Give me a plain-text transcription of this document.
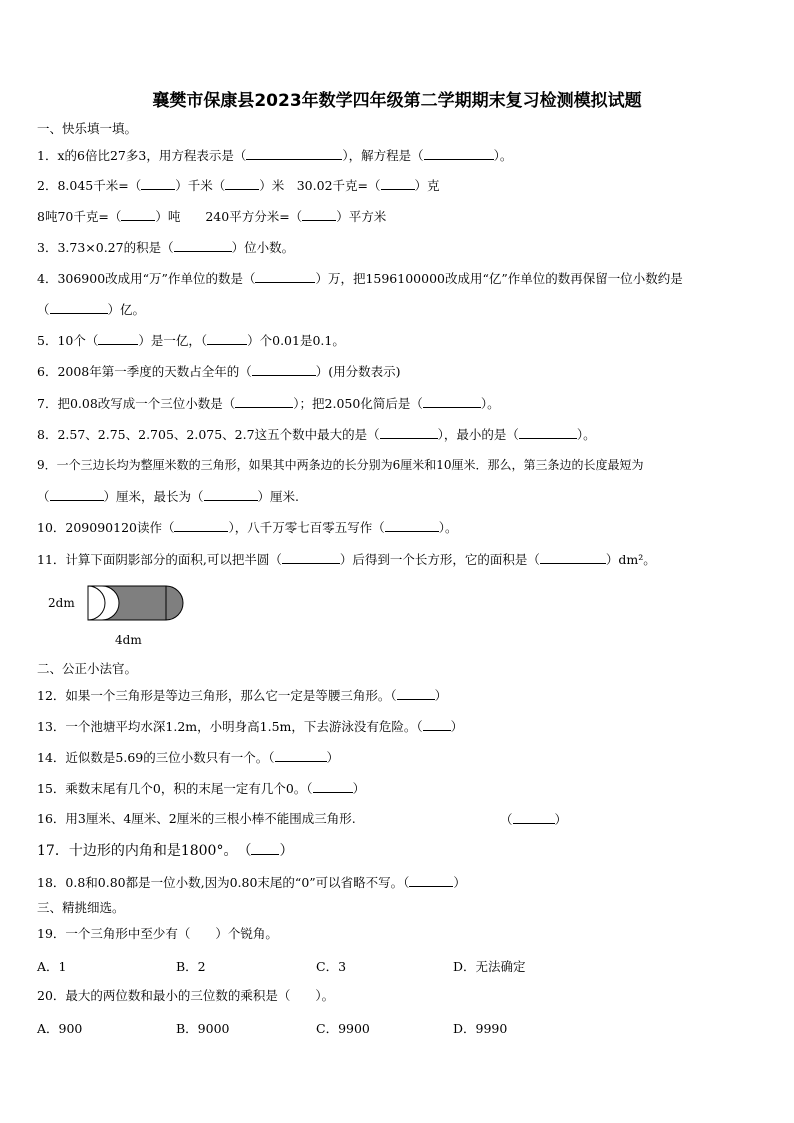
襄樊市保康县2023年数学四年级第二学期期末复习检测模拟试题
一、快乐填一填。
1．x的6倍比27多3，用方程表示是（	），解方程是（	）。
2．8.045千米=（	）千米（	）米　30.02千克=（	）克
8吨70千克=（	）吨　　240平方分米=（	）平方米
3．3.73×0.27的积是（	）位小数。
4．306900改成用“万”作单位的数是（	）万，把1596100000改成用“亿”作单位的数再保留一位小数约是
（	）亿。
5．10个（	）是一亿，（	）个0.01是0.1。
6．2008年第一季度的天数占全年的（	）(用分数表示)
7．把0.08改写成一个三位小数是（	）；把2.050化简后是（	）。
8．2.57、2.75、2.705、2.075、2.7这五个数中最大的是（	），最小的是（	）。
9．一个三边长均为整厘米数的三角形，如果其中两条边的长分别为6厘米和10厘米．那么，第三条边的长度最短为
（	）厘米，最长为（	）厘米.
10．209090120读作（	），八千万零七百零五写作（	）。
11．计算下面阴影部分的面积,可以把半圆（	）后得到一个长方形，它的面积是（	）dm²。
2dm
4dm
二、公正小法官。
12．如果一个三角形是等边三角形，那么它一定是等腰三角形。（	）
13．一个池塘平均水深1.2m，小明身高1.5m，下去游泳没有危险。（ ）
14．近似数是5.69的三位小数只有一个。（	）
15．乘数末尾有几个0，积的末尾一定有几个0。（	）
16．用3厘米、4厘米、2厘米的三根小棒不能围成三角形.	（	）
17．十边形的内角和是1800°。　 （ ）
18．0.8和0.80都是一位小数,因为0.80末尾的“0”可以省略不写。（	）
三、精挑细选。
19．一个三角形中至少有（　　）个锐角。
A．1	B．2	C．3	D．无法确定
20．最大的两位数和最小的三位数的乘积是（　　）。
A．900	B．9000	C．9900	D．9990
